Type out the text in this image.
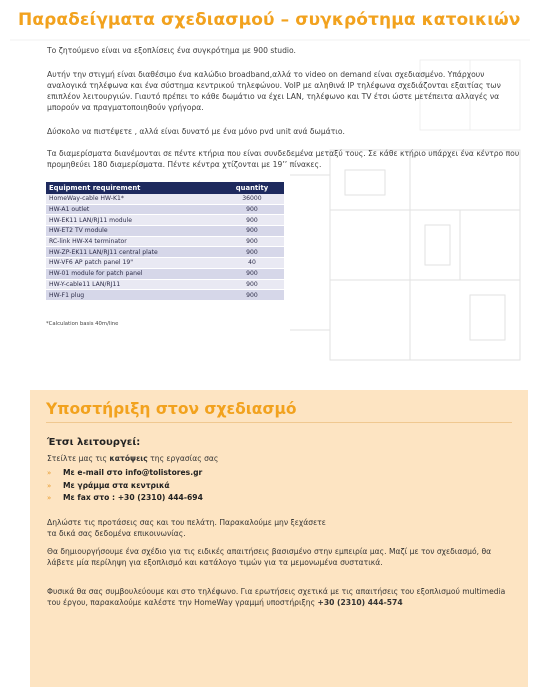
Παραδείγματα σχεδιασμού – συγκρότημα κατοικιών

Το ζητούμενο είναι να εξοπλίσεις ένα συγκρότημα με 900 studio.

Αυτήν την στιγμή είναι διαθέσιμο ένα καλώδιο broadband,αλλά το video on demand είναι σχεδιασμένο. Υπάρχουν αναλογικά τηλέφωνα και ένα σύστημα κεντρικού τηλεφώνου. VoIP με αληθινά IP τηλέφωνα σχεδιάζονται εξαιτίας των επιπλέον λειτουργιών. Γιαυτό πρέπει το κάθε δωμάτιο να έχει LAN, τηλέφωνο και TV έτσι ώστε μετέπειτα αλλαγές να μπορούν να πραγματοποιηθούν γρήγορα.

Δύσκολο να πιστέψετε , αλλά είναι δυνατό με ένα μόνο pvd unit ανά δωμάτιο.

Τα διαμερίσματα διανέμονται σε πέντε κτήρια που είναι συνδεδεμένα μεταξύ τους. Σε κάθε κτήριο υπάρχει ένα κέντρο που προμηθεύει 180 διαμερίσματα. Πέντε κέντρα χτίζονται με 19’’ πίνακες.

Equipment requirement	quantity
HomeWay-cable HW-K1*	36000
HW-A1 outlet	900
HW-EK11 LAN/RJ11 module	900
HW-ET2 TV module	900
RC-link HW-X4 terminator	900
HW-ZP-EK11 LAN/RJ11 central plate	900
HW-VF6 AP patch panel 19"	40
HW-01 module for patch panel	900
HW-Y-cable11 LAN/RJ11	900
HW-F1 plug	900

*Calculation basis 40m/line

Υποστήριξη στον σχεδιασμό

Έτσι λειτουργεί:

Στείλτε μας τις κατόψεις της εργασίας σας

» Με e-mail στο info@tolistores.gr
» Με γράμμα στα κεντρικά
» Με fax στο : +30 (2310) 444-694

Δηλώστε τις προτάσεις σας και του πελάτη. Παρακαλούμε μην ξεχάσετε τα δικά σας δεδομένα επικοινωνίας.

Θα δημιουργήσουμε ένα σχέδιο για τις ειδικές απαιτήσεις βασισμένο στην εμπειρία μας. Μαζί με τον σχεδιασμό, θα λάβετε μία περίληψη για εξοπλισμό και κατάλογο τιμών για τα μεμονωμένα συστατικά.

Φυσικά θα σας συμβουλεύουμε και στο τηλέφωνο. Για ερωτήσεις σχετικά με τις απαιτήσεις του εξοπλισμού multimedia του έργου, παρακαλούμε καλέστε την HomeWay γραμμή υποστήριξης +30 (2310) 444-574
